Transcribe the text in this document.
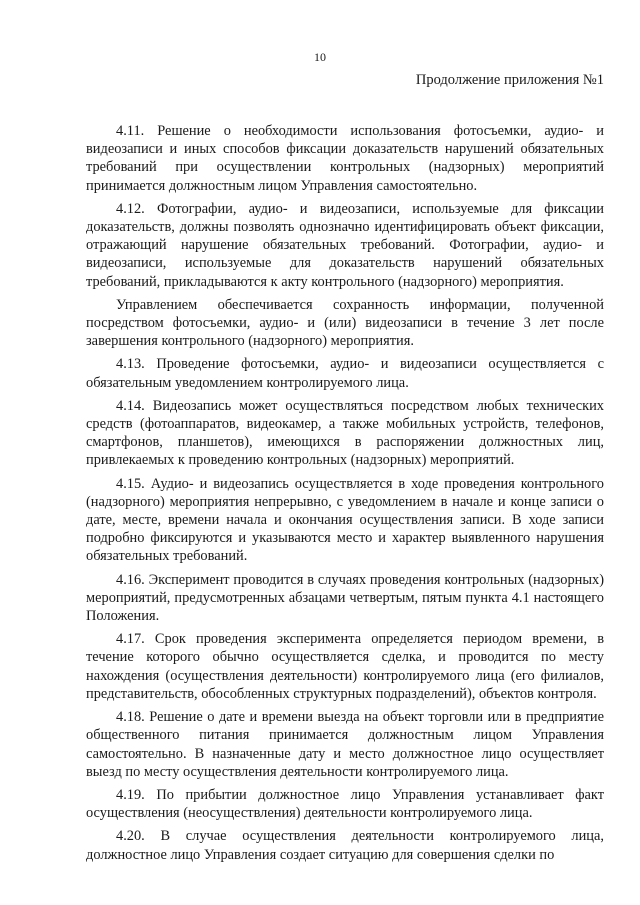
10
Продолжение приложения №1

4.11. Решение о необходимости использования фотосъемки, аудио- и видеозаписи и иных способов фиксации доказательств нарушений обязательных требований при осуществлении контрольных (надзорных) мероприятий принимается должностным лицом Управления самостоятельно.

4.12. Фотографии, аудио- и видеозаписи, используемые для фиксации доказательств, должны позволять однозначно идентифицировать объект фиксации, отражающий нарушение обязательных требований. Фотографии, аудио- и видеозаписи, используемые для доказательств нарушений обязательных требований, прикладываются к акту контрольного (надзорного) мероприятия.

Управлением обеспечивается сохранность информации, полученной посредством фотосъемки, аудио- и (или) видеозаписи в течение 3 лет после завершения контрольного (надзорного) мероприятия.

4.13. Проведение фотосъемки, аудио- и видеозаписи осуществляется с обязательным уведомлением контролируемого лица.

4.14. Видеозапись может осуществляться посредством любых технических средств (фотоаппаратов, видеокамер, а также мобильных устройств, телефонов, смартфонов, планшетов), имеющихся в распоряжении должностных лиц, привлекаемых к проведению контрольных (надзорных) мероприятий.

4.15. Аудио- и видеозапись осуществляется в ходе проведения контрольного (надзорного) мероприятия непрерывно, с уведомлением в начале и конце записи о дате, месте, времени начала и окончания осуществления записи. В ходе записи подробно фиксируются и указываются место и характер выявленного нарушения обязательных требований.

4.16. Эксперимент проводится в случаях проведения контрольных (надзорных) мероприятий, предусмотренных абзацами четвертым, пятым пункта 4.1 настоящего Положения.

4.17. Срок проведения эксперимента определяется периодом времени, в течение которого обычно осуществляется сделка, и проводится по месту нахождения (осуществления деятельности) контролируемого лица (его филиалов, представительств, обособленных структурных подразделений), объектов контроля.

4.18. Решение о дате и времени выезда на объект торговли или в предприятие общественного питания принимается должностным лицом Управления самостоятельно. В назначенные дату и место должностное лицо осуществляет выезд по месту осуществления деятельности контролируемого лица.

4.19. По прибытии должностное лицо Управления устанавливает факт осуществления (неосуществления) деятельности контролируемого лица.

4.20. В случае осуществления деятельности контролируемого лица, должностное лицо Управления создает ситуацию для совершения сделки по
